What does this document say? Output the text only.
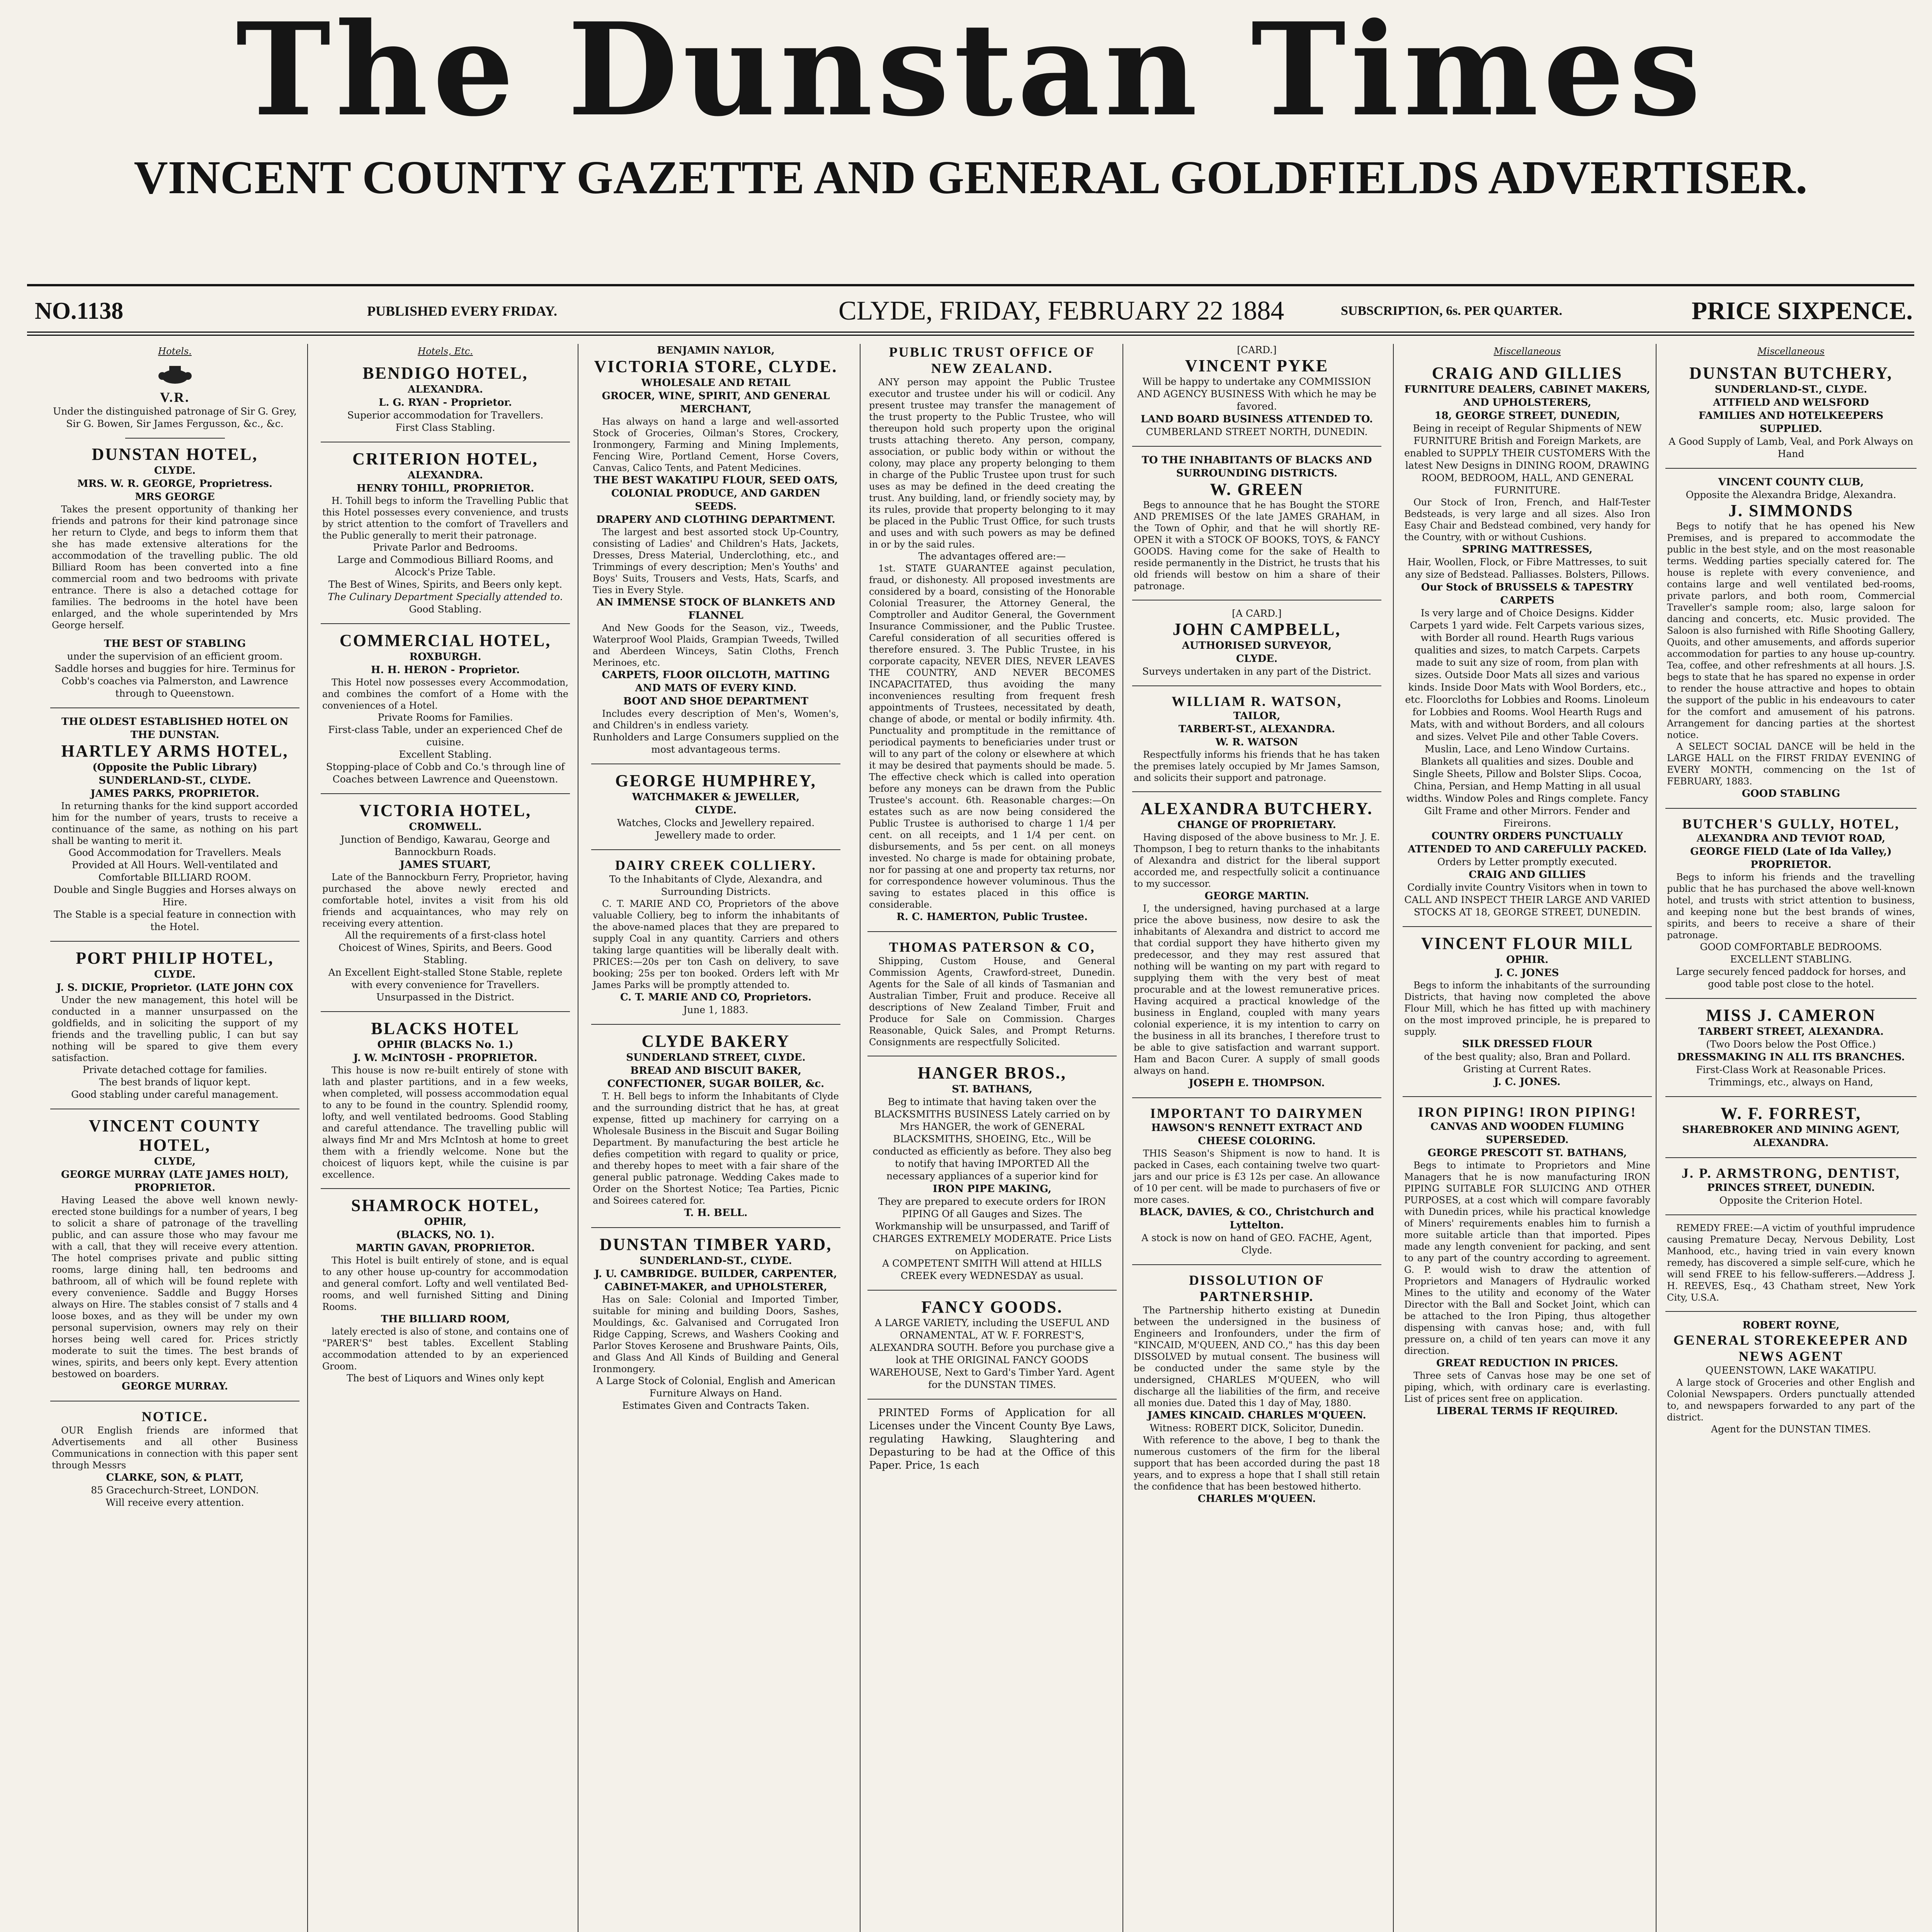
The Dunstan Times
VINCENT COUNTY GAZETTE AND GENERAL GOLDFIELDS ADVERTISER.
NO.1138	PUBLISHED EVERY FRIDAY.	CLYDE, FRIDAY, FEBRUARY 22 1884	SUBSCRIPTION, 6s. PER QUARTER.	PRICE SIXPENCE.
Hotels.
V.R.
Under the distinguished patronage of Sir G. Grey, Sir G. Bowen, Sir James Fergusson, &c., &c.
DUNSTAN HOTEL,
CLYDE.
MRS. W. R. GEORGE, Proprietress.
MRS GEORGE
Takes the present opportunity of thanking her friends and patrons for their kind patronage since her return to Clyde, and begs to inform them that she has made extensive alterations for the accommodation of the travelling public. The old Billiard Room has been converted into a fine commercial room and two bedrooms with private entrance. There is also a detached cottage for families. The bedrooms in the hotel have been enlarged, and the whole superintended by Mrs George herself.
THE BEST OF STABLING
under the supervision of an efficient groom. Saddle horses and buggies for hire. Terminus for Cobb's coaches via Palmerston, and Lawrence through to Queenstown.
THE OLDEST ESTABLISHED HOTEL ON THE DUNSTAN.
HARTLEY ARMS HOTEL,
(Opposite the Public Library) SUNDERLAND-ST., CLYDE.
JAMES PARKS, PROPRIETOR.
In returning thanks for the kind support accorded him for the number of years, trusts to receive a continuance of the same, as nothing on his part shall be wanting to merit it.
Good Accommodation for Travellers. Meals Provided at All Hours. Well-ventilated and Comfortable BILLIARD ROOM.
Double and Single Buggies and Horses always on Hire.
The Stable is a special feature in connection with the Hotel.
PORT PHILIP HOTEL,
CLYDE.
J. S. DICKIE, Proprietor. (LATE JOHN COX
Under the new management, this hotel will be conducted in a manner unsurpassed on the goldfields, and in soliciting the support of my friends and the travelling public, I can but say nothing will be spared to give them every satisfaction.
Private detached cottage for families.
The best brands of liquor kept.
Good stabling under careful management.
VINCENT COUNTY HOTEL,
CLYDE,
GEORGE MURRAY (LATE JAMES HOLT), PROPRIETOR.
Having Leased the above well known newly-erected stone buildings for a number of years, I beg to solicit a share of patronage of the travelling public, and can assure those who may favour me with a call, that they will receive every attention. The hotel comprises private and public sitting rooms, large dining hall, ten bedrooms and bathroom, all of which will be found replete with every convenience. Saddle and Buggy Horses always on Hire. The stables consist of 7 stalls and 4 loose boxes, and as they will be under my own personal supervision, owners may rely on their horses being well cared for. Prices strictly moderate to suit the times. The best brands of wines, spirits, and beers only kept. Every attention bestowed on boarders.
GEORGE MURRAY.
NOTICE.
OUR English friends are informed that Advertisements and all other Business Communications in connection with this paper sent through Messrs
CLARKE, SON, & PLATT,
85 Gracechurch-Street, LONDON.
Will receive every attention.
Hotels, Etc.
BENDIGO HOTEL,
ALEXANDRA.
L. G. RYAN - Proprietor.
Superior accommodation for Travellers.
First Class Stabling.
CRITERION HOTEL,
ALEXANDRA.
HENRY TOHILL, PROPRIETOR.
H. Tohill begs to inform the Travelling Public that this Hotel possesses every convenience, and trusts by strict attention to the comfort of Travellers and the Public generally to merit their patronage.
Private Parlor and Bedrooms.
Large and Commodious Billiard Rooms, and Alcock's Prize Table.
The Best of Wines, Spirits, and Beers only kept.
The Culinary Department Specially attended to.
Good Stabling.
COMMERCIAL HOTEL,
ROXBURGH.
H. H. HERON - Proprietor.
This Hotel now possesses every Accommodation, and combines the comfort of a Home with the conveniences of a Hotel.
Private Rooms for Families.
First-class Table, under an experienced Chef de cuisine.
Excellent Stabling.
Stopping-place of Cobb and Co.'s through line of Coaches between Lawrence and Queenstown.
VICTORIA HOTEL,
CROMWELL.
Junction of Bendigo, Kawarau, George and Bannockburn Roads.
JAMES STUART,
Late of the Bannockburn Ferry, Proprietor, having purchased the above newly erected and comfortable hotel, invites a visit from his old friends and acquaintances, who may rely on receiving every attention.
All the requirements of a first-class hotel
Choicest of Wines, Spirits, and Beers. Good Stabling.
An Excellent Eight-stalled Stone Stable, replete with every convenience for Travellers. Unsurpassed in the District.
BLACKS HOTEL
OPHIR (BLACKS No. 1.)
J. W. McINTOSH - PROPRIETOR.
This house is now re-built entirely of stone with lath and plaster partitions, and in a few weeks, when completed, will possess accommodation equal to any to be found in the country. Splendid roomy, lofty, and well ventilated bedrooms. Good Stabling and careful attendance. The travelling public will always find Mr and Mrs McIntosh at home to greet them with a friendly welcome. None but the choicest of liquors kept, while the cuisine is par excellence.
SHAMROCK HOTEL,
OPHIR,
(BLACKS, NO. 1).
MARTIN GAVAN, PROPRIETOR.
This Hotel is built entirely of stone, and is equal to any other house up-country for accommodation and general comfort. Lofty and well ventilated Bed-rooms, and well furnished Sitting and Dining Rooms.
THE BILLIARD ROOM,
lately erected is also of stone, and contains one of "PARER'S" best tables. Excellent Stabling accommodation attended to by an experienced Groom.
The best of Liquors and Wines only kept
BENJAMIN NAYLOR,
VICTORIA STORE, CLYDE.
WHOLESALE AND RETAIL
GROCER, WINE, SPIRIT, AND GENERAL MERCHANT,
Has always on hand a large and well-assorted Stock of Groceries, Oilman's Stores, Crockery, Ironmongery, Farming and Mining Implements, Fencing Wire, Portland Cement, Horse Covers, Canvas, Calico Tents, and Patent Medicines.
THE BEST WAKATIPU FLOUR, SEED OATS, COLONIAL PRODUCE, AND GARDEN SEEDS.
DRAPERY AND CLOTHING DEPARTMENT.
The largest and best assorted stock Up-Country, consisting of Ladies' and Children's Hats, Jackets, Dresses, Dress Material, Underclothing, etc., and Trimmings of every description; Men's Youths' and Boys' Suits, Trousers and Vests, Hats, Scarfs, and Ties in Every Style.
AN IMMENSE STOCK OF BLANKETS AND FLANNEL
And New Goods for the Season, viz., Tweeds, Waterproof Wool Plaids, Grampian Tweeds, Twilled and Aberdeen Winceys, Satin Cloths, French Merinoes, etc.
CARPETS, FLOOR OILCLOTH, MATTING AND MATS OF EVERY KIND.
BOOT AND SHOE DEPARTMENT
Includes every description of Men's, Women's, and Children's in endless variety.
Runholders and Large Consumers supplied on the most advantageous terms.
GEORGE HUMPHREY,
WATCHMAKER & JEWELLER,
CLYDE.
Watches, Clocks and Jewellery repaired.
Jewellery made to order.
DAIRY CREEK COLLIERY.
To the Inhabitants of Clyde, Alexandra, and Surrounding Districts.
C. T. MARIE AND CO, Proprietors of the above valuable Colliery, beg to inform the inhabitants of the above-named places that they are prepared to supply Coal in any quantity. Carriers and others taking large quantities will be liberally dealt with. PRICES:—20s per ton Cash on delivery, to save booking; 25s per ton booked. Orders left with Mr James Parks will be promptly attended to.
C. T. MARIE AND CO, Proprietors.
June 1, 1883.
CLYDE BAKERY
SUNDERLAND STREET, CLYDE.
BREAD AND BISCUIT BAKER, CONFECTIONER, SUGAR BOILER, &c.
T. H. Bell begs to inform the Inhabitants of Clyde and the surrounding district that he has, at great expense, fitted up machinery for carrying on a Wholesale Business in the Biscuit and Sugar Boiling Department. By manufacturing the best article he defies competition with regard to quality or price, and thereby hopes to meet with a fair share of the general public patronage. Wedding Cakes made to Order on the Shortest Notice; Tea Parties, Picnic and Soirees catered for.
T. H. BELL.
DUNSTAN TIMBER YARD,
SUNDERLAND-ST., CLYDE.
J. U. CAMBRIDGE. BUILDER, CARPENTER, CABINET-MAKER, and UPHOLSTERER,
Has on Sale: Colonial and Imported Timber, suitable for mining and building Doors, Sashes, Mouldings, &c. Galvanised and Corrugated Iron Ridge Capping, Screws, and Washers Cooking and Parlor Stoves Kerosene and Brushware Paints, Oils, and Glass And All Kinds of Building and General Ironmongery.
A Large Stock of Colonial, English and American Furniture Always on Hand.
Estimates Given and Contracts Taken.
PUBLIC TRUST OFFICE OF NEW ZEALAND.
ANY person may appoint the Public Trustee executor and trustee under his will or codicil. Any present trustee may transfer the management of the trust property to the Public Trustee, who will thereupon hold such property upon the original trusts attaching thereto. Any person, company, association, or public body within or without the colony, may place any property belonging to them in charge of the Public Trustee upon trust for such uses as may be defined in the deed creating the trust. Any building, land, or friendly society may, by its rules, provide that property belonging to it may be placed in the Public Trust Office, for such trusts and uses and with such powers as may be defined in or by the said rules.
The advantages offered are:—
1st. STATE GUARANTEE against peculation, fraud, or dishonesty. All proposed investments are considered by a board, consisting of the Honorable Colonial Treasurer, the Attorney General, the Comptroller and Auditor General, the Government Insurance Commissioner, and the Public Trustee. Careful consideration of all securities offered is therefore ensured. 3. The Public Trustee, in his corporate capacity, NEVER DIES, NEVER LEAVES THE COUNTRY, AND NEVER BECOMES INCAPACITATED, thus avoiding the many inconveniences resulting from frequent fresh appointments of Trustees, necessitated by death, change of abode, or mental or bodily infirmity. 4th. Punctuality and promptitude in the remittance of periodical payments to beneficiaries under trust or will to any part of the colony or elsewhere at which it may be desired that payments should be made. 5. The effective check which is called into operation before any moneys can be drawn from the Public Trustee's account. 6th. Reasonable charges:—On estates such as are now being considered the Public Trustee is authorised to charge 1 1/4 per cent. on all receipts, and 1 1/4 per cent. on disbursements, and 5s per cent. on all moneys invested. No charge is made for obtaining probate, nor for passing at one and property tax returns, nor for correspondence however voluminous. Thus the saving to estates placed in this office is considerable.
R. C. HAMERTON, Public Trustee.
THOMAS PATERSON & CO,
Shipping, Custom House, and General Commission Agents, Crawford-street, Dunedin. Agents for the Sale of all kinds of Tasmanian and Australian Timber, Fruit and produce. Receive all descriptions of New Zealand Timber, Fruit and Produce for Sale on Commission. Charges Reasonable, Quick Sales, and Prompt Returns. Consignments are respectfully Solicited.
HANGER BROS.,
ST. BATHANS,
Beg to intimate that having taken over the BLACKSMITHS BUSINESS Lately carried on by Mrs HANGER, the work of GENERAL BLACKSMITHS, SHOEING, Etc., Will be conducted as efficiently as before. They also beg to notify that having IMPORTED All the necessary appliances of a superior kind for
IRON PIPE MAKING,
They are prepared to execute orders for IRON PIPING Of all Gauges and Sizes. The Workmanship will be unsurpassed, and Tariff of CHARGES EXTREMELY MODERATE. Price Lists on Application.
A COMPETENT SMITH Will attend at HILLS CREEK every WEDNESDAY as usual.
FANCY GOODS.
A LARGE VARIETY, including the USEFUL AND ORNAMENTAL, AT W. F. FORREST'S, ALEXANDRA SOUTH. Before you purchase give a look at THE ORIGINAL FANCY GOODS WAREHOUSE, Next to Gard's Timber Yard. Agent for the DUNSTAN TIMES.
PRINTED Forms of Application for all Licenses under the Vincent County Bye Laws, regulating Hawking, Slaughtering and Depasturing to be had at the Office of this Paper. Price, 1s each
[CARD.]
VINCENT PYKE
Will be happy to undertake any COMMISSION AND AGENCY BUSINESS With which he may be favored.
LAND BOARD BUSINESS ATTENDED TO.
CUMBERLAND STREET NORTH, DUNEDIN.
TO THE INHABITANTS OF BLACKS AND SURROUNDING DISTRICTS.
W. GREEN
Begs to announce that he has Bought the STORE AND PREMISES Of the late JAMES GRAHAM, in the Town of Ophir, and that he will shortly RE-OPEN it with a STOCK OF BOOKS, TOYS, & FANCY GOODS. Having come for the sake of Health to reside permanently in the District, he trusts that his old friends will bestow on him a share of their patronage.
[A CARD.]
JOHN CAMPBELL,
AUTHORISED SURVEYOR,
CLYDE.
Surveys undertaken in any part of the District.
WILLIAM R. WATSON,
TAILOR,
TARBERT-ST., ALEXANDRA.
W. R. WATSON
Respectfully informs his friends that he has taken the premises lately occupied by Mr James Samson, and solicits their support and patronage.
ALEXANDRA BUTCHERY.
CHANGE OF PROPRIETARY.
Having disposed of the above business to Mr. J. E. Thompson, I beg to return thanks to the inhabitants of Alexandra and district for the liberal support accorded me, and respectfully solicit a continuance to my successor.
GEORGE MARTIN.
I, the undersigned, having purchased at a large price the above business, now desire to ask the inhabitants of Alexandra and district to accord me that cordial support they have hitherto given my predecessor, and they may rest assured that nothing will be wanting on my part with regard to supplying them with the very best of meat procurable and at the lowest remunerative prices. Having acquired a practical knowledge of the business in England, coupled with many years colonial experience, it is my intention to carry on the business in all its branches, I therefore trust to be able to give satisfaction and warrant support. Ham and Bacon Curer. A supply of small goods always on hand.
JOSEPH E. THOMPSON.
IMPORTANT TO DAIRYMEN
HAWSON'S RENNETT EXTRACT AND CHEESE COLORING.
THIS Season's Shipment is now to hand. It is packed in Cases, each containing twelve two quart-jars and our price is £3 12s per case. An allowance of 10 per cent. will be made to purchasers of five or more cases.
BLACK, DAVIES, & CO., Christchurch and Lyttelton.
A stock is now on hand of GEO. FACHE, Agent, Clyde.
DISSOLUTION OF PARTNERSHIP.
The Partnership hitherto existing at Dunedin between the undersigned in the business of Engineers and Ironfounders, under the firm of "KINCAID, M'QUEEN, AND CO.," has this day been DISSOLVED by mutual consent. The business will be conducted under the same style by the undersigned, CHARLES M'QUEEN, who will discharge all the liabilities of the firm, and receive all monies due. Dated this 1 day of May, 1880.
JAMES KINCAID. CHARLES M'QUEEN.
Witness: ROBERT DICK, Solicitor, Dunedin.
With reference to the above, I beg to thank the numerous customers of the firm for the liberal support that has been accorded during the past 18 years, and to express a hope that I shall still retain the confidence that has been bestowed hitherto.
CHARLES M'QUEEN.
Miscellaneous
CRAIG AND GILLIES
FURNITURE DEALERS, CABINET MAKERS, AND UPHOLSTERERS,
18, GEORGE STREET, DUNEDIN,
Being in receipt of Regular Shipments of NEW FURNITURE British and Foreign Markets, are enabled to SUPPLY THEIR CUSTOMERS With the latest New Designs in DINING ROOM, DRAWING ROOM, BEDROOM, HALL, AND GENERAL FURNITURE.
Our Stock of Iron, French, and Half-Tester Bedsteads, is very large and all sizes. Also Iron Easy Chair and Bedstead combined, very handy for the Country, with or without Cushions.
SPRING MATTRESSES,
Hair, Woollen, Flock, or Fibre Mattresses, to suit any size of Bedstead. Palliasses. Bolsters, Pillows.
Our Stock of BRUSSELS & TAPESTRY CARPETS
Is very large and of Choice Designs. Kidder Carpets 1 yard wide. Felt Carpets various sizes, with Border all round. Hearth Rugs various qualities and sizes, to match Carpets. Carpets made to suit any size of room, from plan with sizes. Outside Door Mats all sizes and various kinds. Inside Door Mats with Wool Borders, etc., etc. Floorcloths for Lobbies and Rooms. Linoleum for Lobbies and Rooms. Wool Hearth Rugs and Mats, with and without Borders, and all colours and sizes. Velvet Pile and other Table Covers. Muslin, Lace, and Leno Window Curtains. Blankets all qualities and sizes. Double and Single Sheets, Pillow and Bolster Slips. Cocoa, China, Persian, and Hemp Matting in all usual widths. Window Poles and Rings complete. Fancy Gilt Frame and other Mirrors. Fender and Fireirons.
COUNTRY ORDERS PUNCTUALLY ATTENDED TO AND CAREFULLY PACKED.
Orders by Letter promptly executed.
CRAIG AND GILLIES
Cordially invite Country Visitors when in town to CALL AND INSPECT THEIR LARGE AND VARIED STOCKS AT 18, GEORGE STREET, DUNEDIN.
VINCENT FLOUR MILL
OPHIR.
J. C. JONES
Begs to inform the inhabitants of the surrounding Districts, that having now completed the above Flour Mill, which he has fitted up with machinery on the most improved principle, he is prepared to supply.
SILK DRESSED FLOUR
of the best quality; also, Bran and Pollard. Gristing at Current Rates.
J. C. JONES.
IRON PIPING! IRON PIPING!
CANVAS AND WOODEN FLUMING SUPERSEDED.
GEORGE PRESCOTT ST. BATHANS,
Begs to intimate to Proprietors and Mine Managers that he is now manufacturing IRON PIPING SUITABLE FOR SLUICING AND OTHER PURPOSES, at a cost which will compare favorably with Dunedin prices, while his practical knowledge of Miners' requirements enables him to furnish a more suitable article than that imported. Pipes made any length convenient for packing, and sent to any part of the country according to agreement. G. P. would wish to draw the attention of Proprietors and Managers of Hydraulic worked Mines to the utility and economy of the Water Director with the Ball and Socket Joint, which can be attached to the Iron Piping, thus altogether dispensing with canvas hose; and, with full pressure on, a child of ten years can move it any direction.
GREAT REDUCTION IN PRICES.
Three sets of Canvas hose may be one set of piping, which, with ordinary care is everlasting. List of prices sent free on application.
LIBERAL TERMS IF REQUIRED.
Miscellaneous
DUNSTAN BUTCHERY,
SUNDERLAND-ST., CLYDE.
ATTFIELD AND WELSFORD
FAMILIES AND HOTELKEEPERS SUPPLIED.
A Good Supply of Lamb, Veal, and Pork Always on Hand
VINCENT COUNTY CLUB,
Opposite the Alexandra Bridge, Alexandra.
J. SIMMONDS
Begs to notify that he has opened his New Premises, and is prepared to accommodate the public in the best style, and on the most reasonable terms. Wedding parties specially catered for. The house is replete with every convenience, and contains large and well ventilated bed-rooms, private parlors, and both room, Commercial Traveller's sample room; also, large saloon for dancing and concerts, etc. Music provided. The Saloon is also furnished with Rifle Shooting Gallery, Quoits, and other amusements, and affords superior accommodation for parties to any house up-country. Tea, coffee, and other refreshments at all hours. J.S. begs to state that he has spared no expense in order to render the house attractive and hopes to obtain the support of the public in his endeavours to cater for the comfort and amusement of his patrons. Arrangement for dancing parties at the shortest notice.
A SELECT SOCIAL DANCE will be held in the LARGE HALL on the FIRST FRIDAY EVENING of EVERY MONTH, commencing on the 1st of FEBRUARY, 1883.
GOOD STABLING
BUTCHER'S GULLY, HOTEL,
ALEXANDRA AND TEVIOT ROAD,
GEORGE FIELD (Late of Ida Valley,) PROPRIETOR.
Begs to inform his friends and the travelling public that he has purchased the above well-known hotel, and trusts with strict attention to business, and keeping none but the best brands of wines, spirits, and beers to receive a share of their patronage.
GOOD COMFORTABLE BEDROOMS.
EXCELLENT STABLING.
Large securely fenced paddock for horses, and good table post close to the hotel.
MISS J. CAMERON
TARBERT STREET, ALEXANDRA.
(Two Doors below the Post Office.)
DRESSMAKING IN ALL ITS BRANCHES.
First-Class Work at Reasonable Prices.
Trimmings, etc., always on Hand,
W. F. FORREST,
SHAREBROKER AND MINING AGENT, ALEXANDRA.
J. P. ARMSTRONG, DENTIST,
PRINCES STREET, DUNEDIN.
Opposite the Criterion Hotel.
REMEDY FREE:—A victim of youthful imprudence causing Premature Decay, Nervous Debility, Lost Manhood, etc., having tried in vain every known remedy, has discovered a simple self-cure, which he will send FREE to his fellow-sufferers.—Address J. H. REEVES, Esq., 43 Chatham street, New York City, U.S.A.
ROBERT ROYNE,
GENERAL STOREKEEPER AND NEWS AGENT
QUEENSTOWN, LAKE WAKATIPU.
A large stock of Groceries and other English and Colonial Newspapers. Orders punctually attended to, and newspapers forwarded to any part of the district.
Agent for the DUNSTAN TIMES.
